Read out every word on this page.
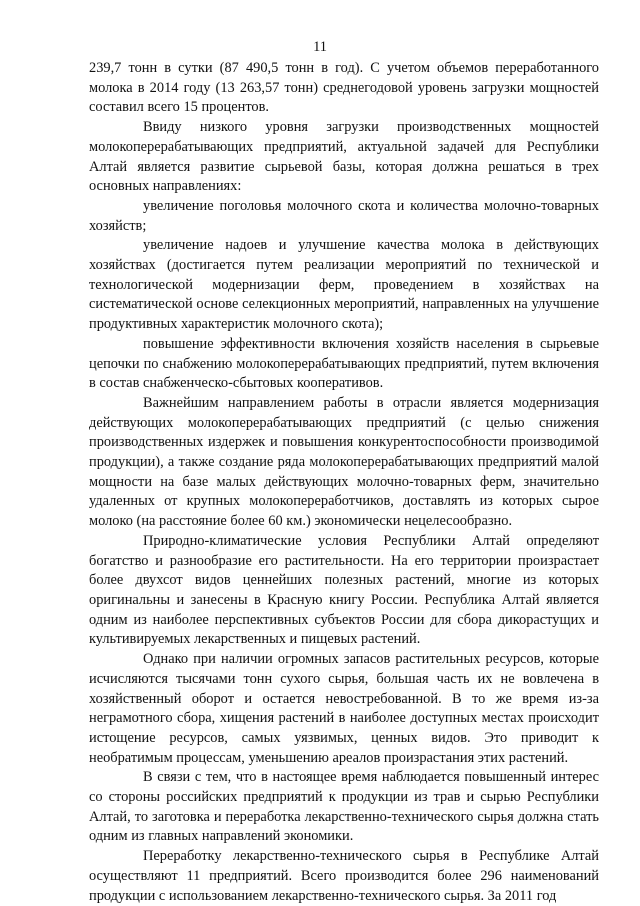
11

239,7 тонн в сутки (87 490,5 тонн в год). С учетом объемов переработанного молока в 2014 году (13 263,57 тонн) среднегодовой уровень загрузки мощностей составил всего 15 процентов.

Ввиду низкого уровня загрузки производственных мощностей молокоперерабатывающих предприятий, актуальной задачей для Республики Алтай является развитие сырьевой базы, которая должна решаться в трех основных направлениях:

увеличение поголовья молочного скота и количества молочно-товарных хозяйств;

увеличение надоев и улучшение качества молока в действующих хозяйствах (достигается путем реализации мероприятий по технической и технологической модернизации ферм, проведением в хозяйствах на систематической основе селекционных мероприятий, направленных на улучшение продуктивных характеристик молочного скота);

повышение эффективности включения хозяйств населения в сырьевые цепочки по снабжению молокоперерабатывающих предприятий, путем включения в состав снабженческо-сбытовых кооперативов.

Важнейшим направлением работы в отрасли является модернизация действующих молокоперерабатывающих предприятий (с целью снижения производственных издержек и повышения конкурентоспособности производимой продукции), а также создание ряда молокоперерабатывающих предприятий малой мощности на базе малых действующих молочно-товарных ферм, значительно удаленных от крупных молокопереработчиков, доставлять из которых сырое молоко (на расстояние более 60 км.) экономически нецелесообразно.

Природно-климатические условия Республики Алтай определяют богатство и разнообразие его растительности. На его территории произрастает более двухсот видов ценнейших полезных растений, многие из которых оригинальны и занесены в Красную книгу России. Республика Алтай является одним из наиболее перспективных субъектов России для сбора дикорастущих и культивируемых лекарственных и пищевых растений.

Однако при наличии огромных запасов растительных ресурсов, которые исчисляются тысячами тонн сухого сырья, большая часть их не вовлечена в хозяйственный оборот и остается невостребованной. В то же время из-за неграмотного сбора, хищения растений в наиболее доступных местах происходит истощение ресурсов, самых уязвимых, ценных видов. Это приводит к необратимым процессам, уменьшению ареалов произрастания этих растений.

В связи с тем, что в настоящее время наблюдается повышенный интерес со стороны российских предприятий к продукции из трав и сырью Республики Алтай, то заготовка и переработка лекарственно-технического сырья должна стать одним из главных направлений экономики.

Переработку лекарственно-технического сырья в Республике Алтай осуществляют 11 предприятий. Всего производится более 296 наименований продукции с использованием лекарственно-технического сырья. За 2011 год
